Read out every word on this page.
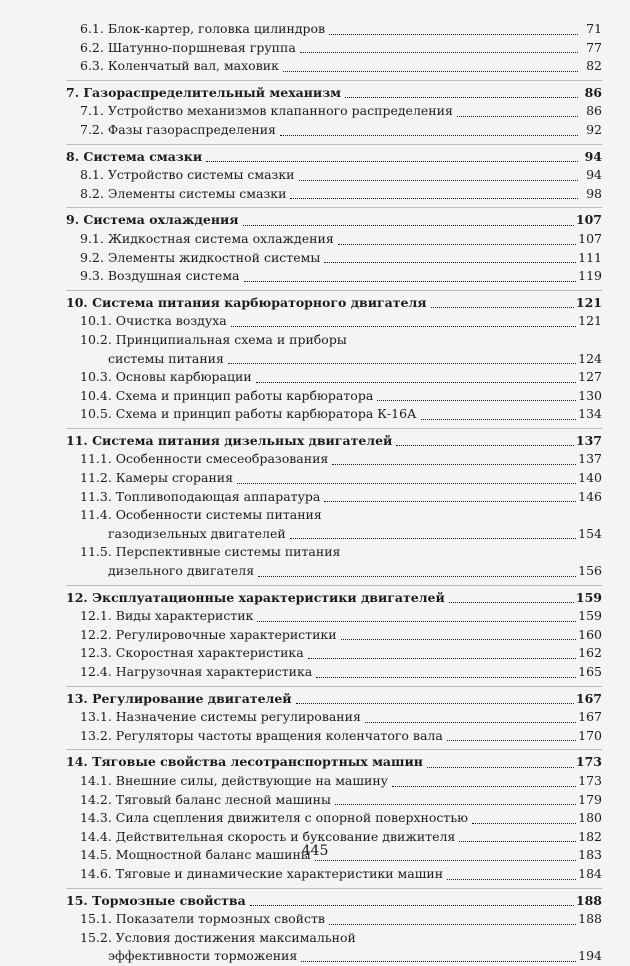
6.1. Блок-картер, головка цилиндров	71
6.2. Шатунно-поршневая группа	77
6.3. Коленчатый вал, маховик	82
7. Газораспределительный механизм	86
7.1. Устройство механизмов клапанного распределения	86
7.2. Фазы газораспределения	92
8. Система смазки	94
8.1. Устройство системы смазки	94
8.2. Элементы системы смазки	98
9. Система охлаждения	107
9.1. Жидкостная система охлаждения	107
9.2. Элементы жидкостной системы	111
9.3. Воздушная система	119
10. Система питания карбюраторного двигателя	121
10.1. Очистка воздуха	121
10.2. Принципиальная схема и приборы
системы питания	124
10.3. Основы карбюрации	127
10.4. Схема и принцип работы карбюратора	130
10.5. Схема и принцип работы карбюратора К-16А	134
11. Система питания дизельных двигателей	137
11.1. Особенности смесеобразования	137
11.2. Камеры сгорания	140
11.3. Топливоподающая аппаратура	146
11.4. Особенности системы питания
газодизельных двигателей	154
11.5. Перспективные системы питания
дизельного двигателя	156
12. Эксплуатационные характеристики двигателей	159
12.1. Виды характеристик	159
12.2. Регулировочные характеристики	160
12.3. Скоростная характеристика	162
12.4. Нагрузочная характеристика	165
13. Регулирование двигателей	167
13.1. Назначение системы регулирования	167
13.2. Регуляторы частоты вращения коленчатого вала	170
14. Тяговые свойства лесотранспортных машин	173
14.1. Внешние силы, действующие на машину	173
14.2. Тяговый баланс лесной машины	179
14.3. Сила сцепления движителя с опорной поверхностью	180
14.4. Действительная скорость и буксование движителя	182
14.5. Мощностной баланс машины	183
14.6. Тяговые и динамические характеристики машин	184
15. Тормозные свойства	188
15.1. Показатели тормозных свойств	188
15.2. Условия достижения максимальной
эффективности торможения	194
445
